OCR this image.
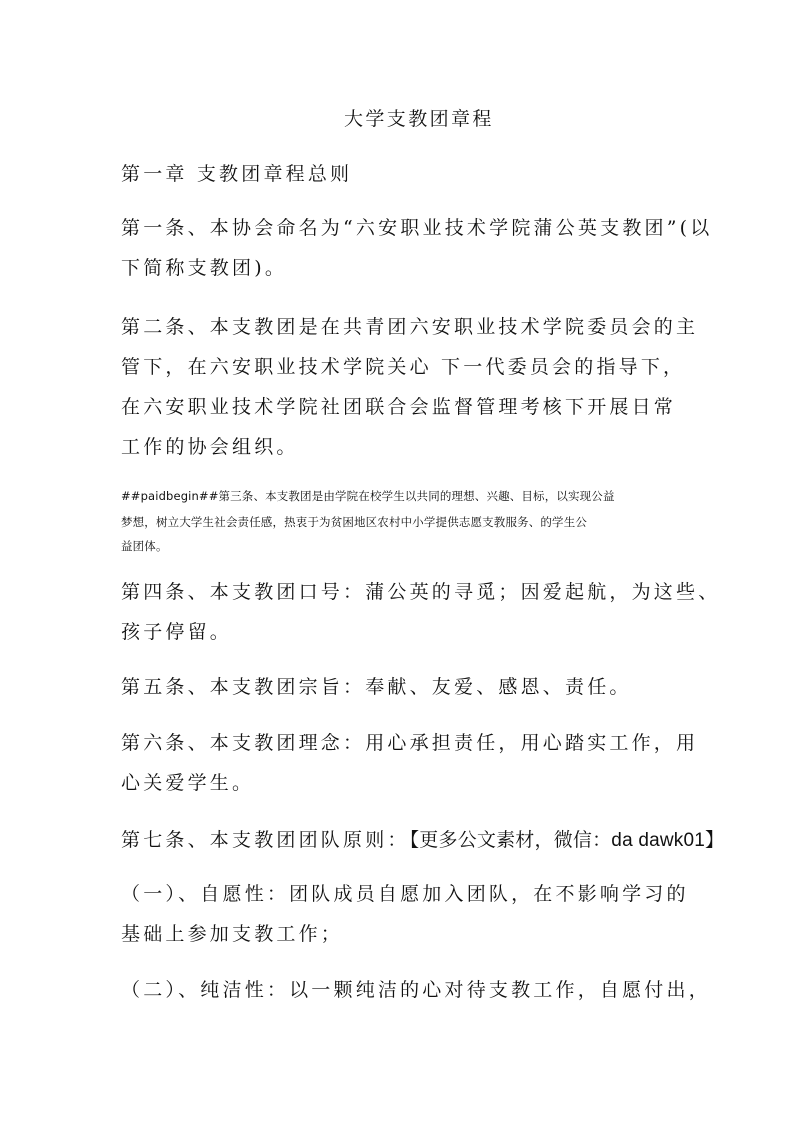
大学支教团章程
第一章 支教团章程总则
第一条、本协会命名为“六安职业技术学院蒲公英支教团”(以
下简称支教团)。
第二条、本支教团是在共青团六安职业技术学院委员会的主
管下，在六安职业技术学院关心 下一代委员会的指导下，
在六安职业技术学院社团联合会监督管理考核下开展日常
工作的协会组织。
##paidbegin##第三条、本支教团是由学院在校学生以共同的理想、兴趣、目标，以实现公益
梦想，树立大学生社会责任感，热衷于为贫困地区农村中小学提供志愿支教服务、的学生公
益团体。
第四条、本支教团口号：蒲公英的寻觅；因爱起航，为这些、
孩子停留。
第五条、本支教团宗旨：奉献、友爱、感恩、责任。
第六条、本支教团理念：用心承担责任，用心踏实工作，用
心关爱学生。
第七条、本支教团团队原则：【更多公文素材，微信：da dawk01】
（一）、自愿性：团队成员自愿加入团队，在不影响学习的
基础上参加支教工作；
（二）、纯洁性：以一颗纯洁的心对待支教工作，自愿付出，
